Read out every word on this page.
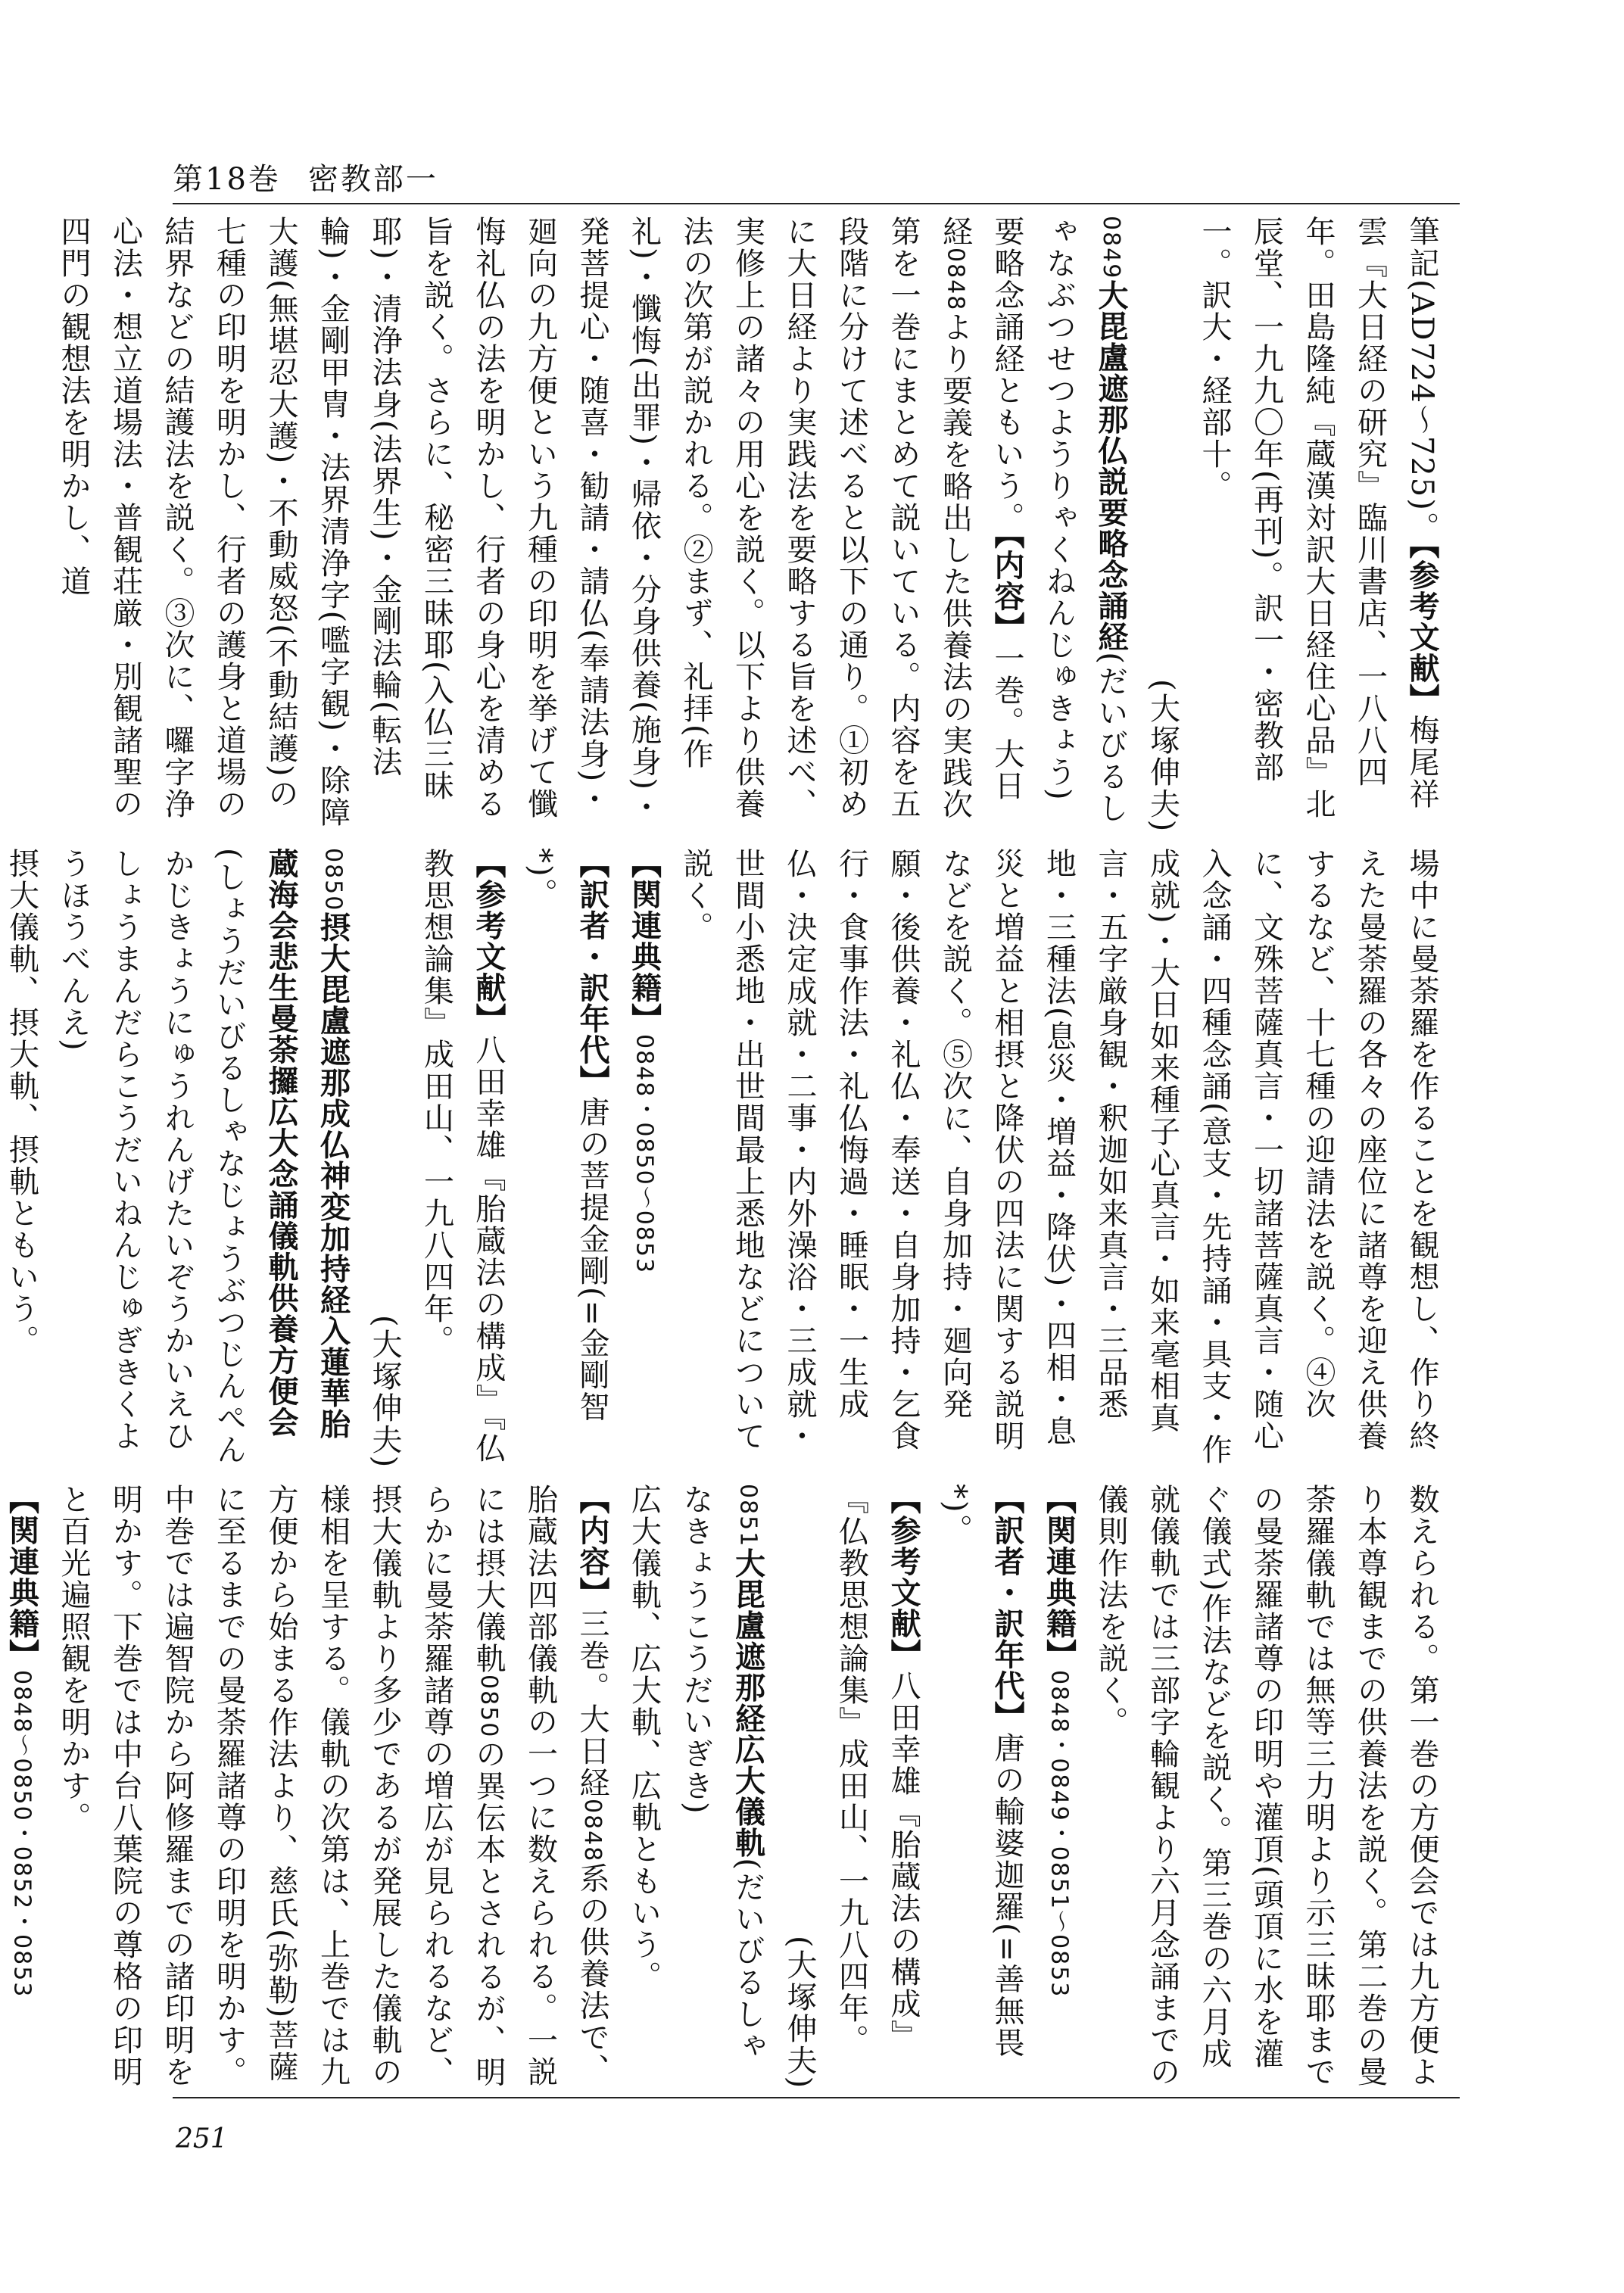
第18巻 密教部一

筆記(AD724〜725)。【参考文献】梅尾祥雲『大日経の研究』臨川書店、一八八四年。田島隆純『蔵漢対訳大日経住心品』北辰堂、一九九〇年(再刊)。訳一・密教部一。訳大・経部十。
(大塚伸夫)

0849大毘盧遮那仏説要略念誦経(だいびるしゃなぶつせつようりゃくねんじゅきょう)要略念誦経ともいう。【内容】一巻。大日経0848より要義を略出した供養法の実践次第を一巻にまとめて説いている。内容を五段階に分けて述べると以下の通り。①初めに大日経より実践法を要略する旨を述べ、実修上の諸々の用心を説く。以下より供養法の次第が説かれる。②まず、礼拝(作礼)・懺悔(出罪)・帰依・分身供養(施身)・発菩提心・随喜・勧請・請仏(奉請法身)・廻向の九方便という九種の印明を挙げて懺悔礼仏の法を明かし、行者の身心を清める旨を説く。さらに、秘密三昧耶(入仏三昧耶)・清浄法身(法界生)・金剛法輪(転法輪)・金剛甲冑・法界清浄字(嚂字観)・除障大護(無堪忍大護)・不動威怒(不動結護)の七種の印明を明かし、行者の護身と道場の結界などの結護法を説く。③次に、囉字浄心法・想立道場法・普観荘厳・別観諸聖の四門の観想法を明かし、道

場中に曼荼羅を作ることを観想し、作り終えた曼荼羅の各々の座位に諸尊を迎え供養するなど、十七種の迎請法を説く。④次に、文殊菩薩真言・一切諸菩薩真言・随心入念誦・四種念誦(意支・先持誦・具支・作成就)・大日如来種子心真言・如来毫相真言・五字厳身観・釈迦如来真言・三品悉地・三種法(息災・増益・降伏)・四相・息災と増益と相摂と降伏の四法に関する説明などを説く。⑤次に、自身加持・廻向発願・後供養・礼仏・奉送・自身加持・乞食行・食事作法・礼仏悔過・睡眠・一生成仏・決定成就・二事・内外澡浴・三成就・世間小悉地・出世間最上悉地などについて説く。
【関連典籍】0848・0850〜0853
【訳者・訳年代】唐の菩提金剛(=金剛智*)。
【参考文献】八田幸雄『胎蔵法の構成』『仏教思想論集』成田山、一九八四年。
(大塚伸夫)

0850摂大毘盧遮那成仏神変加持経入蓮華胎蔵海会悲生曼荼攞広大念誦儀軌供養方便会(しょうだいびるしゃなじょうぶつじんぺんかじきょうにゅうれんげたいぞうかいえひしょうまんだらこうだいねんじゅぎきくようほうべんえ)
摂大儀軌、摂大軌、摂軌ともいう。

数えられる。第一巻の方便会では九方便より本尊観までの供養法を説く。第二巻の曼荼羅儀軌では無等三力明より示三昧耶までの曼荼羅諸尊の印明や灌頂(頭頂に水を灌ぐ儀式)作法などを説く。第三巻の六月成就儀軌では三部字輪観より六月念誦までの儀則作法を説く。
【関連典籍】0848・0849・0851〜0853
【訳者・訳年代】唐の輸婆迦羅(=善無畏*)。
【参考文献】八田幸雄『胎蔵法の構成』『仏教思想論集』成田山、一九八四年。
(大塚伸夫)

0851大毘盧遮那経広大儀軌(だいびるしゃなきょうこうだいぎき)
広大儀軌、広大軌、広軌ともいう。
【内容】三巻。大日経0848系の供養法で、胎蔵法四部儀軌の一つに数えられる。一説には摂大儀軌0850の異伝本とされるが、明らかに曼荼羅諸尊の増広が見られるなど、摂大儀軌より多少であるが発展した儀軌の様相を呈する。儀軌の次第は、上巻では九方便から始まる作法より、慈氏(弥勒)菩薩に至るまでの曼荼羅諸尊の印明を明かす。中巻では遍智院から阿修羅までの諸印明を明かす。下巻では中台八葉院の尊格の印明と百光遍照観を明かす。
【関連典籍】0848〜0850・0852・0853

251
